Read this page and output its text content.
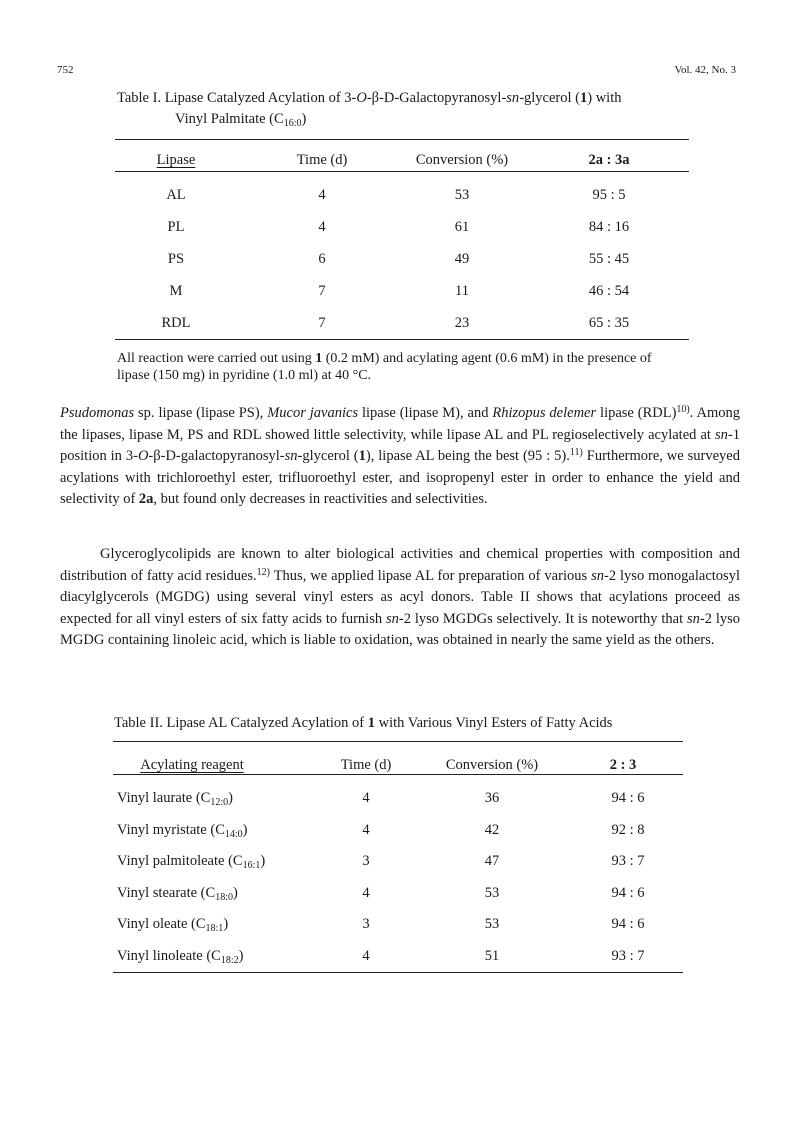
752	Vol. 42, No. 3
Table I. Lipase Catalyzed Acylation of 3-O-β-D-Galactopyranosyl-sn-glycerol (1) with
Vinyl Palmitate $(C_{16:0})$
Lipase	Time (d)	Conversion (%)	2a : 3a
AL	4	53	95 : 5
PL	4	61	84 : 16
PS	6	49	55 : 45
M	7	11	46 : 54
RDL	7	23	65 : 35
All reaction were carried out using 1 (0.2 mM) and acylating agent (0.6 mM) in the presence of lipase (150 mg) in pyridine (1.0 ml) at 40 °C.
Psudomonas sp. lipase (lipase PS), Mucor javanics lipase (lipase M), and Rhizopus delemer lipase (RDL)$^{10)}$. Among the lipases, lipase M, PS and RDL showed little selectivity, while lipase AL and PL regioselectively acylated at sn-1 position in 3-O-β-D-galactopyranosyl-sn-glycerol (1), lipase AL being the best (95 : 5).$^{11)}$ Furthermore, we surveyed acylations with trichloroethyl ester, trifluoroethyl ester, and isopropenyl ester in order to enhance the yield and selectivity of 2a, but found only decreases in reactivities and selectivities.
Glyceroglycolipids are known to alter biological activities and chemical properties with composition and distribution of fatty acid residues.$^{12)}$ Thus, we applied lipase AL for preparation of various sn-2 lyso monogalactosyl diacylglycerols (MGDG) using several vinyl esters as acyl donors. Table II shows that acylations proceed as expected for all vinyl esters of six fatty acids to furnish sn-2 lyso MGDGs selectively. It is noteworthy that sn-2 lyso MGDG containing linoleic acid, which is liable to oxidation, was obtained in nearly the same yield as the others.
Table II. Lipase AL Catalyzed Acylation of 1 with Various Vinyl Esters of Fatty Acids
Acylating reagent	Time (d)	Conversion (%)	2 : 3
Vinyl laurate $(C_{12:0})$	4	36	94 : 6
Vinyl myristate $(C_{14:0})$	4	42	92 : 8
Vinyl palmitoleate $(C_{16:1})$	3	47	93 : 7
Vinyl stearate $(C_{18:0})$	4	53	94 : 6
Vinyl oleate $(C_{18:1})$	3	53	94 : 6
Vinyl linoleate $(C_{18:2})$	4	51	93 : 7
